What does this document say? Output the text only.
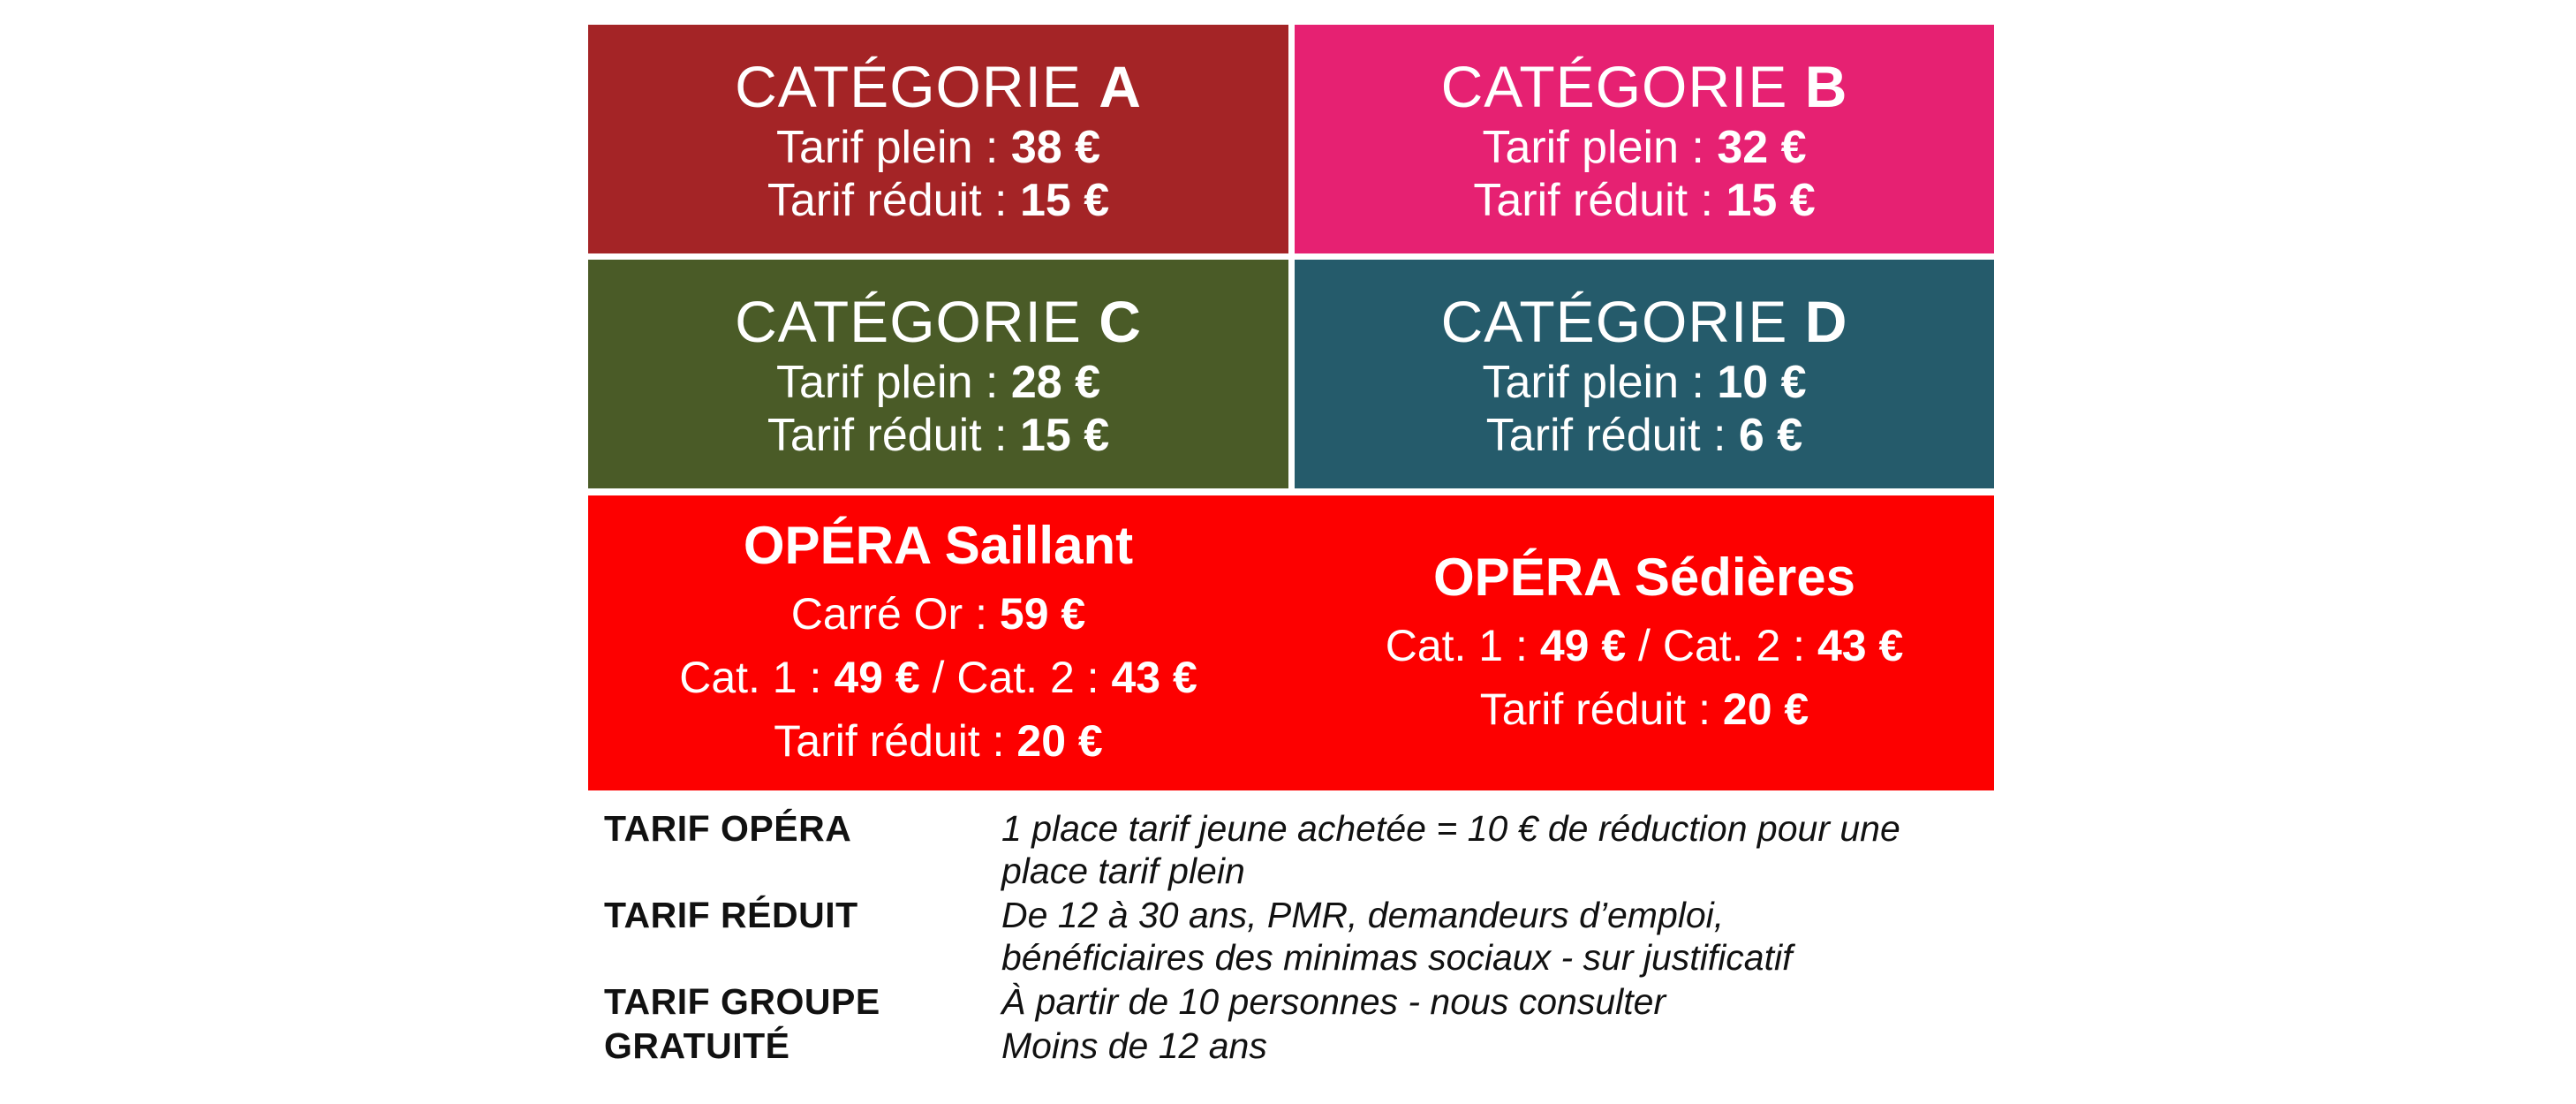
CATÉGORIE A
Tarif plein : 38 €
Tarif réduit : 15 €
CATÉGORIE B
Tarif plein : 32 €
Tarif réduit : 15 €
CATÉGORIE C
Tarif plein : 28 €
Tarif réduit : 15 €
CATÉGORIE D
Tarif plein : 10 €
Tarif réduit : 6 €
OPÉRA Saillant
Carré Or : 59 €
Cat. 1 : 49 € / Cat. 2 : 43 €
Tarif réduit : 20 €
OPÉRA Sédières
Cat. 1 : 49 € / Cat. 2 : 43 €
Tarif réduit : 20 €
TARIF OPÉRA	1 place tarif jeune achetée = 10 € de réduction pour une
place tarif plein
TARIF RÉDUIT	De 12 à 30 ans, PMR, demandeurs d’emploi,
bénéficiaires des minimas sociaux - sur justificatif
TARIF GROUPE	À partir de 10 personnes - nous consulter
GRATUITÉ	Moins de 12 ans
